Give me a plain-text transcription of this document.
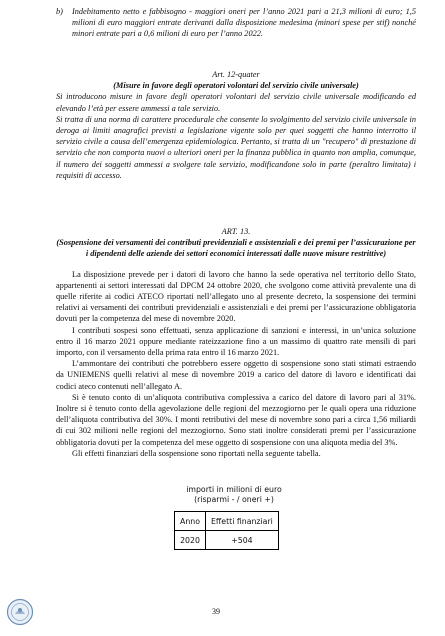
b) Indebitamento netto e fabbisogno - maggiori oneri per l’anno 2021 pari a 21,3 milioni di euro; 1,5 milioni di euro maggiori entrate derivanti dalla disposizione medesima (minori spese per stif) nonché minori entrate pari a 0,6 milioni di euro per l’anno 2022.

Art. 12-quater

(Misure in favore degli operatori volontari del servizio civile universale)

Si introducono misure in favore degli operatori volontari del servizio civile universale modificando ed elevando l’età per essere ammessi a tale servizio.

Si tratta di una norma di carattere procedurale che consente lo svolgimento del servizio civile universale in deroga ai limiti anagrafici previsti a legislazione vigente solo per quei soggetti che hanno interrotto il servizio civile a causa dell’emergenza epidemiologica. Pertanto, si tratta di un "recupero" di prestazione di servizio che non comporta nuovi o ulteriori oneri per la finanza pubblica in quanto non amplia, comunque, il numero dei soggetti ammessi a svolgere tale servizio, modificandone solo in parte (peraltro limitata) i requisiti di accesso.

ART. 13.

(Sospensione dei versamenti dei contributi previdenziali e assistenziali e dei premi per l’assicurazione per i dipendenti delle aziende dei settori economici interessati dalle nuove misure restrittive)

La disposizione prevede per i datori di lavoro che hanno la sede operativa nel territorio dello Stato, appartenenti ai settori interessati dal DPCM 24 ottobre 2020, che svolgono come attività prevalente una di quelle riferite ai codici ATECO riportati nell’allegato uno al presente decreto, la sospensione dei termini relativi ai versamenti dei contributi previdenziali e assistenziali e dei premi per l’assicurazione obbligatoria dovuti per la competenza del mese di novembre 2020.

I contributi sospesi sono effettuati, senza applicazione di sanzioni e interessi, in un’unica soluzione entro il 16 marzo 2021 oppure mediante rateizzazione fino a un massimo di quattro rate mensili di pari importo, con il versamento della prima rata entro il 16 marzo 2021.

L’ammontare dei contributi che potrebbero essere oggetto di sospensione sono stati stimati estraendo da UNIEMENS quelli relativi al mese di novembre 2019 a carico del datore di lavoro e identificati dai codici ateco contenuti nell’allegato A.

Si è tenuto conto di un’aliquota contributiva complessiva a carico del datore di lavoro pari al 31%. Inoltre si è tenuto conto della agevolazione delle regioni del mezzogiorno per le quali opera una riduzione dell’aliquota contributiva del 30%. I monti retributivi del mese di novembre sono pari a circa 1,56 miliardi di cui 302 milioni nelle regioni del mezzogiorno. Sono stati inoltre considerati premi per l’assicurazione obbligatoria dovuti per la competenza del mese oggetto di sospensione con una aliquota media del 3%.

Gli effetti finanziari della sospensione sono riportati nella seguente tabella.

importi in milioni di euro
(risparmi - / oneri +)
Anno	Effetti finanziari
2020	+504
39
